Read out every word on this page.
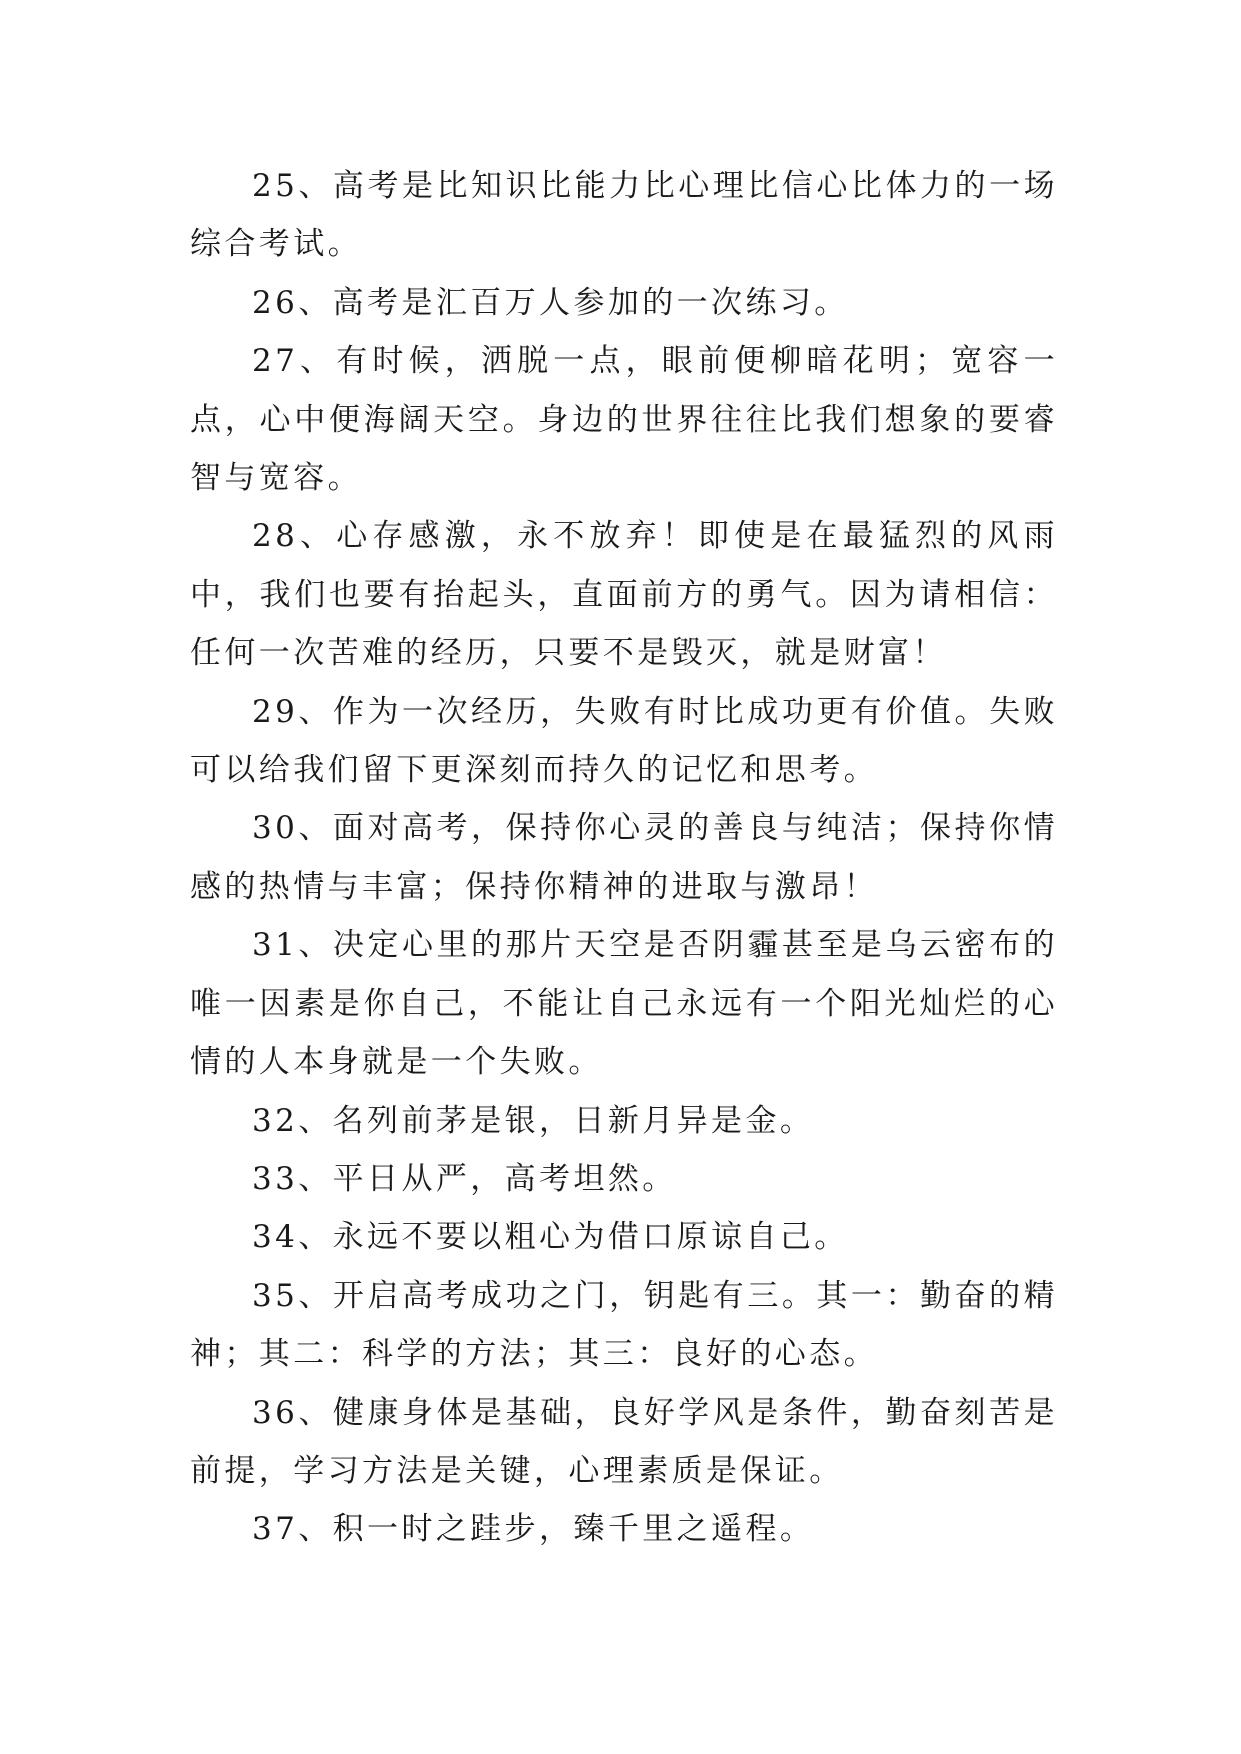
25、高考是比知识比能力比心理比信心比体力的一场综合考试。

26、高考是汇百万人参加的一次练习。

27、有时候，洒脱一点，眼前便柳暗花明；宽容一点，心中便海阔天空。身边的世界往往比我们想象的要睿智与宽容。

28、心存感激，永不放弃！即使是在最猛烈的风雨中，我们也要有抬起头，直面前方的勇气。因为请相信：任何一次苦难的经历，只要不是毁灭，就是财富！

29、作为一次经历，失败有时比成功更有价值。失败可以给我们留下更深刻而持久的记忆和思考。

30、面对高考，保持你心灵的善良与纯洁；保持你情感的热情与丰富；保持你精神的进取与激昂！

31、决定心里的那片天空是否阴霾甚至是乌云密布的唯一因素是你自己，不能让自己永远有一个阳光灿烂的心情的人本身就是一个失败。

32、名列前茅是银，日新月异是金。

33、平日从严，高考坦然。

34、永远不要以粗心为借口原谅自己。

35、开启高考成功之门，钥匙有三。其一：勤奋的精神；其二：科学的方法；其三：良好的心态。

36、健康身体是基础，良好学风是条件，勤奋刻苦是前提，学习方法是关键，心理素质是保证。

37、积一时之跬步，臻千里之遥程。
